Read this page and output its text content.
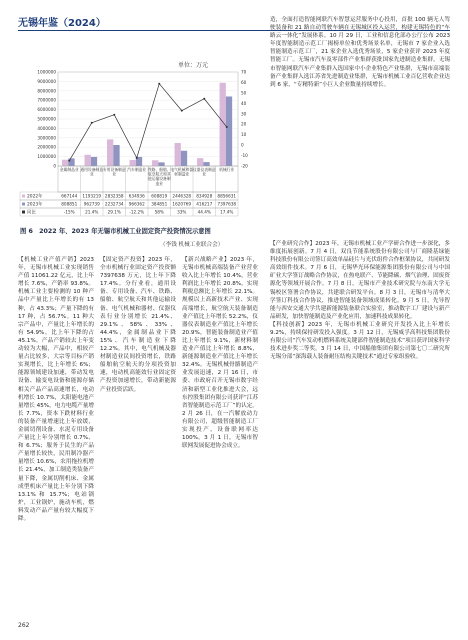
无锡年鉴（2024）
单位：万元
1000000
9000000
8000000
7000000
6000000
5000000
4000000
3000000
2000000
1000000
0
70
60
50
40
30
20
10
0
-10
-20
金属制品业 通用设备制造
业
专用设备制造
业
汽车制造业 铁路、船舶、
航空航天和其
他运输设备制
造业
电气机械和器
材制造业
仪器仪表制造
业
机械行业
2022年	667144 1193219 2832358 634936 608819 2446328 834928 8856631
2023年	808851 962739 2232734 966362 384851 1620769 416217 7397638
同比	-15% 21.4% 29.1% -12.2% 58%	33%	44.4% 17.4%
图 6　2022 年、2023 年无锡市机械工业固定资产投资情况示意图
（李钱 机械工业联合会）

【机械工业产值产销】2023 年，无锡市机械工业实现销售产值 11061.22 亿元，比上年增长 7.6%，产销率 93.8%。机械工业主要检测的 10 种产品中产量比上年增长的有 13 种，占 43.3%；产量下降的有 17 种，占 56.7%。11 种大宗产品中，产量比上年增长的有 54.9%，比上年下降的占 45.1%。产品产销较去上年变动较为大幅，产品中，相较产量占比较多，大宗等目标产销实现增长，比上年增长 6%；能源领域建设加速，带动发电设备、输变电设备和能源存储相关产品产品高速增长，电动机增长 10.7%，太阳能电池产量增长 45%，电力电缆产量增长 7.7%，资本下跌材料行业的装备产量增速比上年放缓，金属切削设备、水泥专用设备产量比上年分别增长 0.7%、和 6.7%；服务于民生的产品产量增长较快，民用制冷器产量增长 10.6%，农用拖拉机增长 21.4%，加工制造类装备产量下降，金属切削机床、金属成型机床产量比上年分别下降 13.1% 和 15.7%；电站锅炉，工业锅炉，施动车机，燃料发动产品产量有较大幅度下降。

【固定资产投资】2023 年，全市机械行业固定资产投资额 7397638 万元，比上年下降 17.4%。分行业看，通用设备、专用设备、汽车、铁路、船舶、航空航天和其他运输设备、电气机械和器材、仪器仪表行业分别增长 21.4%、29.1%、58%、33%、44.4%，金属制品业下降 15%、汽车制造业下降 12.2%。其中，电气机械及器材制造业民间投资增长，铁路船舶航空航天的分项投资加速，电动机高能效行业固定资产投资加速增长，带动新能源产业投资活跃。

【新兴战略产业】2023 年，无锡市机械高端装备产业营业收入比上年增长 10.4%，营业利润比上年增长 20.8%，实现利税总额比上年增长 22.1%。规模以上高新技术产业、实现高端增长，航空航天装备制造业产值比上年增长 52.2%，仪器仪表制造业产值比上年增长 20.9%，智能装备制造业产值比上年增长 9.1%，新材料制造业产值比上年增长 8.8%，新能源制造业产值比上年增长 32.4%。无锡机械骨骼制造产业发展迅速，2 月 16 日，市委、市政府召开无锡市数字经济和新型工业化推进大会，远东控股集团有限公司获评“江苏省智能制造示范工厂”的认定。2 月 26 日，在一汽解放动力有限公司，超级智能制造工厂实现投产，设备联网率达 100%。3 月 1 日，无锡市智联网发展促进协会成立。

造，全面打造智能网联汽车智慧运营服务中心投用，首批 100 辆无人驾驶装备和 21 路自动驾驶车辆在无锡城区投入运营，构建无锡特色的“车路云一体化”发展体系。10 月 29 日，工业和信息化部办公厅公布 2023 年度智能制造示范工厂揭榜单位和优秀场景名单，无锡市 7 家企业入选智能制造示范工厂，21 家企业入选优秀场景，5 家企业获评 2023 年度智能工厂。无锡市汽车及零部件产业集群获批国家先进制造业集群，无锡市智能网联汽车产业集群入选国家中小企业特色产业集群，无锡市高端装备产业集群入选江苏省先进制造业集群，无锡市机械工业百亿营收企业达到 6 家，“专精特新”小巨人企业数量持续增长。

【产业研究合作】2023 年，无锡市机械工业产学研合作进一步深化，多维度拓展创新。7 月 4 日，双良节能系统股份有限公司与厂商隆基绿能科技股份有限公司签订高效单晶硅片与光伏组件合作框架协议，共同研发高效组件技术。7 月 6 日，无锡华光环保能源集团股份有限公司与中国矿业大学签订战略合作协议，在热电联产、节能降碳、烟气治理、固废资源化等领域开展合作。7 月 8 日，无锡市产业技术研究院与东南大学无锡校区签署合作协议，共建联合研发平台。8 月 3 日，无锡市与清华大学签订科技合作协议，推进智能装备领域成果转化。9 月 5 日，先导智能与西安交通大学共建新能源装备联合实验室，推动数字工厂建设与新产品研发，加快智能制造及产业化应用，加速科技成果转化。
【科技创新】2023 年，无锡市机械工业研究开发投入比上年增长 9.2%，持续保持研发投入强度。3 月 12 日，无锡威孚高科技集团股份有限公司“汽车发动机燃料系统关键部件智能制造技术”项目获评国家科学技术进步奖二等奖。3 月 14 日，中国船舶集团有限公司第七〇二研究所无锡分部“深海载人装备耐压结构关键技术”通过专家组验收。

262
